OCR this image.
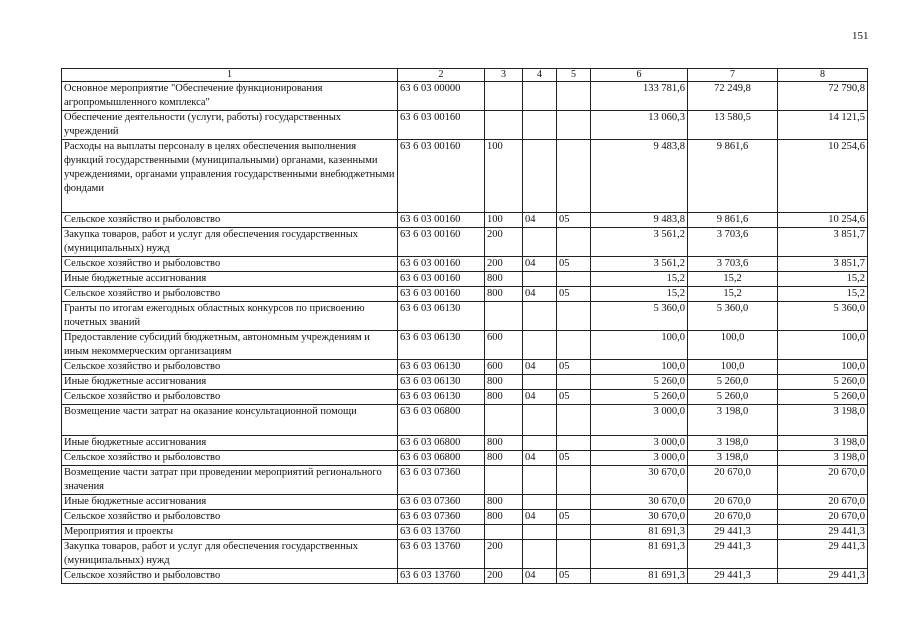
151
1	2	3	4	5	6	7	8
Основное мероприятие "Обеспечение функционирования агропромышленного комплекса"	63 6 03 00000				133 781,6	72 249,8	72 790,8
Обеспечение деятельности (услуги, работы) государственных учреждений	63 6 03 00160				13 060,3	13 580,5	14 121,5
Расходы на выплаты персоналу в целях обеспечения выполнения функций государственными (муниципальными) органами, казенными учреждениями, органами управления государственными внебюджетными фондами	63 6 03 00160	100			9 483,8	9 861,6	10 254,6
Сельское хозяйство и рыболовство	63 6 03 00160	100	04	05	9 483,8	9 861,6	10 254,6
Закупка товаров, работ и услуг для обеспечения государственных (муниципальных) нужд	63 6 03 00160	200			3 561,2	3 703,6	3 851,7
Сельское хозяйство и рыболовство	63 6 03 00160	200	04	05	3 561,2	3 703,6	3 851,7
Иные бюджетные ассигнования	63 6 03 00160	800			15,2	15,2	15,2
Сельское хозяйство и рыболовство	63 6 03 00160	800	04	05	15,2	15,2	15,2
Гранты по итогам ежегодных областных конкурсов по присвоению почетных званий	63 6 03 06130				5 360,0	5 360,0	5 360,0
Предоставление субсидий бюджетным, автономным учреждениям и иным некоммерческим организациям	63 6 03 06130	600			100,0	100,0	100,0
Сельское хозяйство и рыболовство	63 6 03 06130	600	04	05	100,0	100,0	100,0
Иные бюджетные ассигнования	63 6 03 06130	800			5 260,0	5 260,0	5 260,0
Сельское хозяйство и рыболовство	63 6 03 06130	800	04	05	5 260,0	5 260,0	5 260,0
Возмещение части затрат на оказание консультационной помощи	63 6 03 06800				3 000,0	3 198,0	3 198,0
Иные бюджетные ассигнования	63 6 03 06800	800			3 000,0	3 198,0	3 198,0
Сельское хозяйство и рыболовство	63 6 03 06800	800	04	05	3 000,0	3 198,0	3 198,0
Возмещение части затрат при проведении мероприятий регионального значения	63 6 03 07360				30 670,0	20 670,0	20 670,0
Иные бюджетные ассигнования	63 6 03 07360	800			30 670,0	20 670,0	20 670,0
Сельское хозяйство и рыболовство	63 6 03 07360	800	04	05	30 670,0	20 670,0	20 670,0
Мероприятия и проекты	63 6 03 13760				81 691,3	29 441,3	29 441,3
Закупка товаров, работ и услуг для обеспечения государственных (муниципальных) нужд	63 6 03 13760	200			81 691,3	29 441,3	29 441,3
Сельское хозяйство и рыболовство	63 6 03 13760	200	04	05	81 691,3	29 441,3	29 441,3
